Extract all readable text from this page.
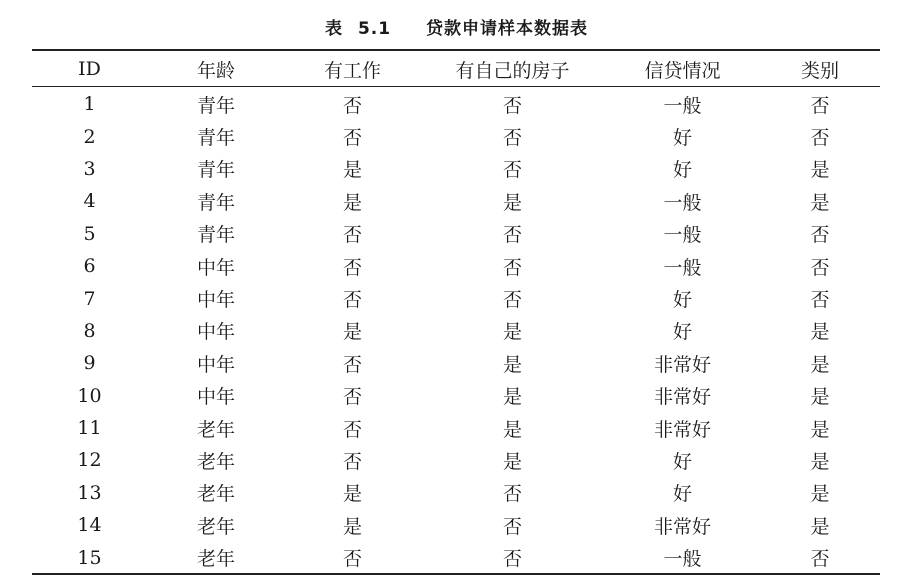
表 5.1 贷款申请样本数据表
ID	年龄	有工作	有自己的房子	信贷情况	类别
1	青年	否	否	一般	否
2	青年	否	否	好	否
3	青年	是	否	好	是
4	青年	是	是	一般	是
5	青年	否	否	一般	否
6	中年	否	否	一般	否
7	中年	否	否	好	否
8	中年	是	是	好	是
9	中年	否	是	非常好	是
10	中年	否	是	非常好	是
11	老年	否	是	非常好	是
12	老年	否	是	好	是
13	老年	是	否	好	是
14	老年	是	否	非常好	是
15	老年	否	否	一般	否
